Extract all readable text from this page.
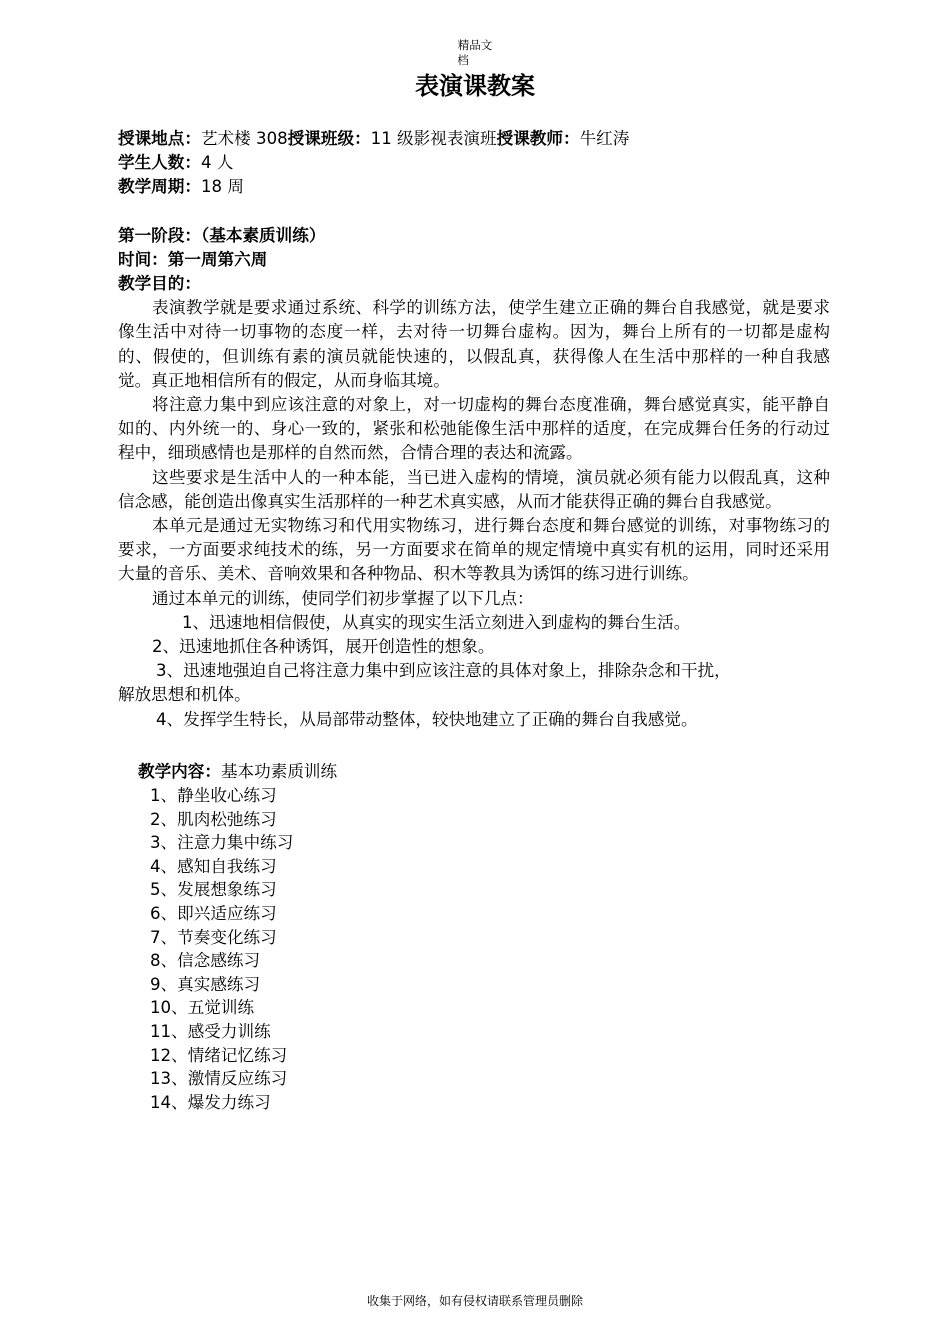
精品文
档
表演课教案

授课地点：艺术楼 308授课班级：11 级影视表演班授课教师：牛红涛

学生人数：4 人

教学周期：18 周

第一阶段：（基本素质训练）

时间：第一周第六周

教学目的：

表演教学就是要求通过系统、科学的训练方法，使学生建立正确的舞台自我感觉，就是要求像生活中对待一切事物的态度一样，去对待一切舞台虚构。因为，舞台上所有的一切都是虚构的、假使的，但训练有素的演员就能快速的，以假乱真，获得像人在生活中那样的一种自我感觉。真正地相信所有的假定，从而身临其境。

将注意力集中到应该注意的对象上，对一切虚构的舞台态度准确，舞台感觉真实，能平静自如的、内外统一的、身心一致的，紧张和松弛能像生活中那样的适度，在完成舞台任务的行动过程中，细琐感情也是那样的自然而然，合情合理的表达和流露。

这些要求是生活中人的一种本能，当已进入虚构的情境，演员就必须有能力以假乱真，这种信念感，能创造出像真实生活那样的一种艺术真实感，从而才能获得正确的舞台自我感觉。

本单元是通过无实物练习和代用实物练习，进行舞台态度和舞台感觉的训练，对事物练习的要求，一方面要求纯技术的练，另一方面要求在简单的规定情境中真实有机的运用，同时还采用大量的音乐、美术、音响效果和各种物品、积木等教具为诱饵的练习进行训练。

通过本单元的训练，使同学们初步掌握了以下几点：

1、迅速地相信假使，从真实的现实生活立刻进入到虚构的舞台生活。

2、迅速地抓住各种诱饵，展开创造性的想象。

3、迅速地强迫自己将注意力集中到应该注意的具体对象上，排除杂念和干扰，

解放思想和机体。

4、发挥学生特长，从局部带动整体，较快地建立了正确的舞台自我感觉。

教学内容：基本功素质训练

1、静坐收心练习
2、肌肉松弛练习
3、注意力集中练习
4、感知自我练习
5、发展想象练习
6、即兴适应练习
7、节奏变化练习
8、信念感练习
9、真实感练习
10、五觉训练
11、感受力训练
12、情绪记忆练习
13、激情反应练习
14、爆发力练习
收集于网络，如有侵权请联系管理员删除
